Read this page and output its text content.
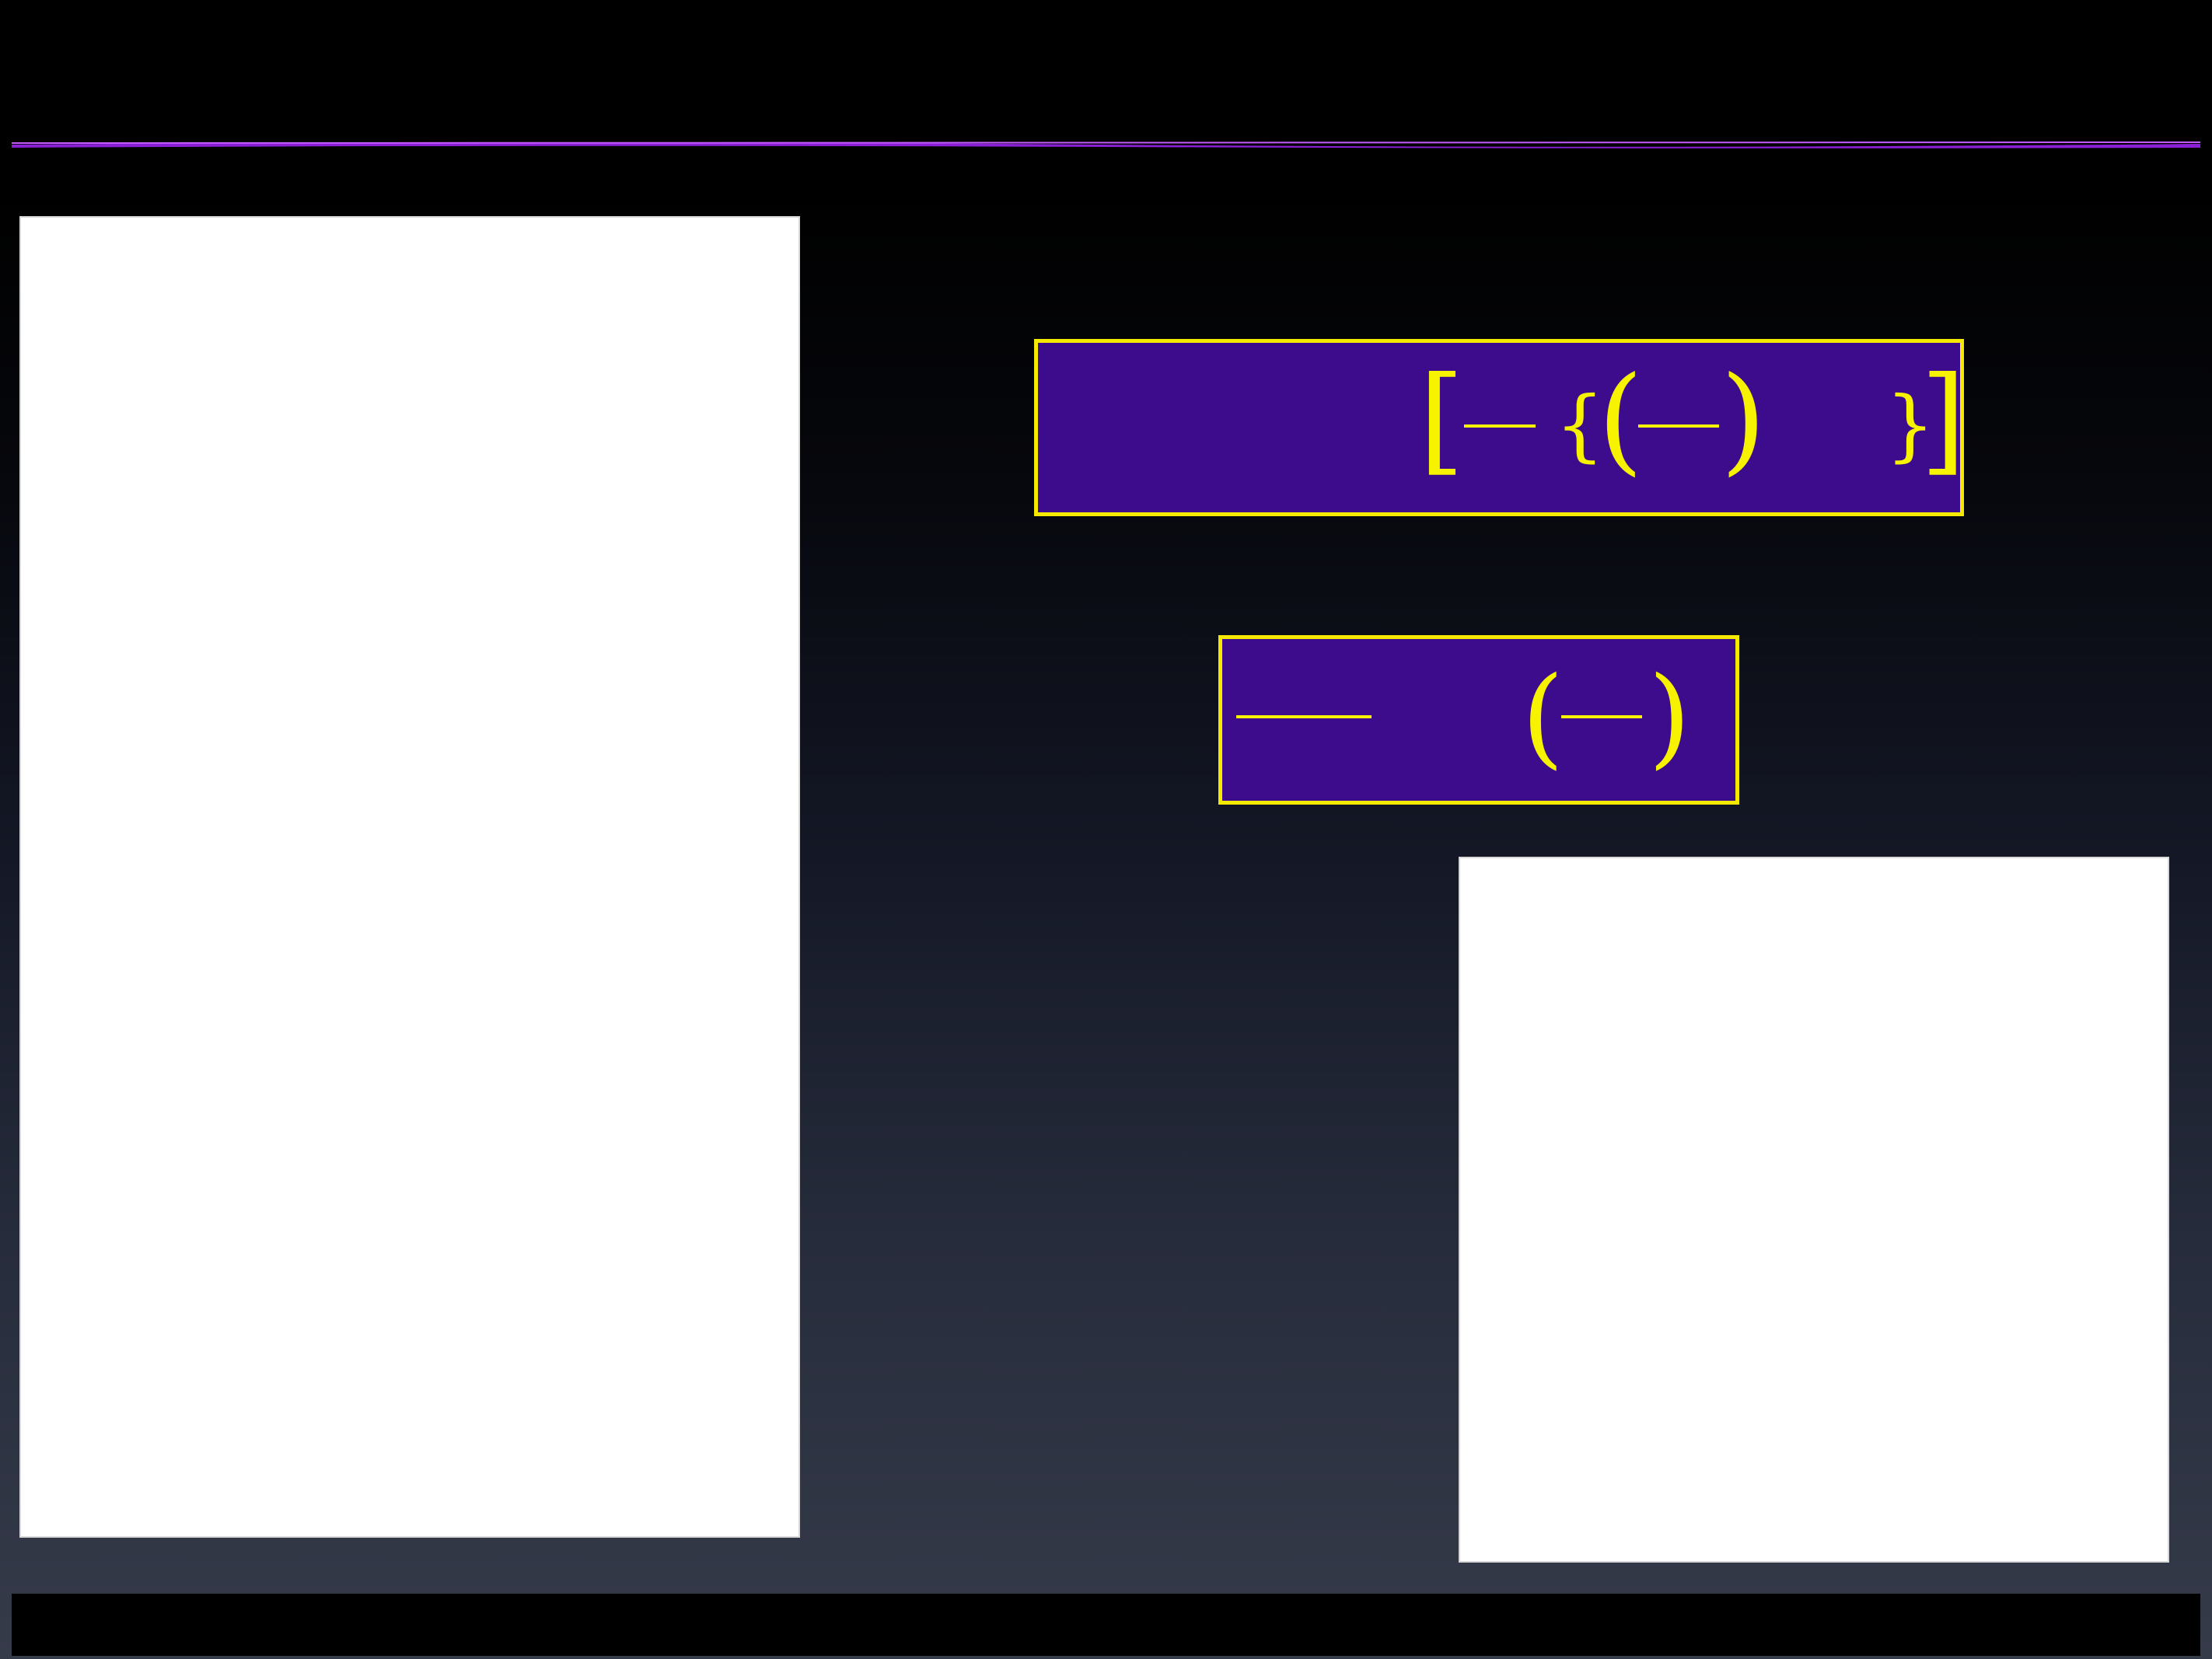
[ {
( ) }
]
( )
